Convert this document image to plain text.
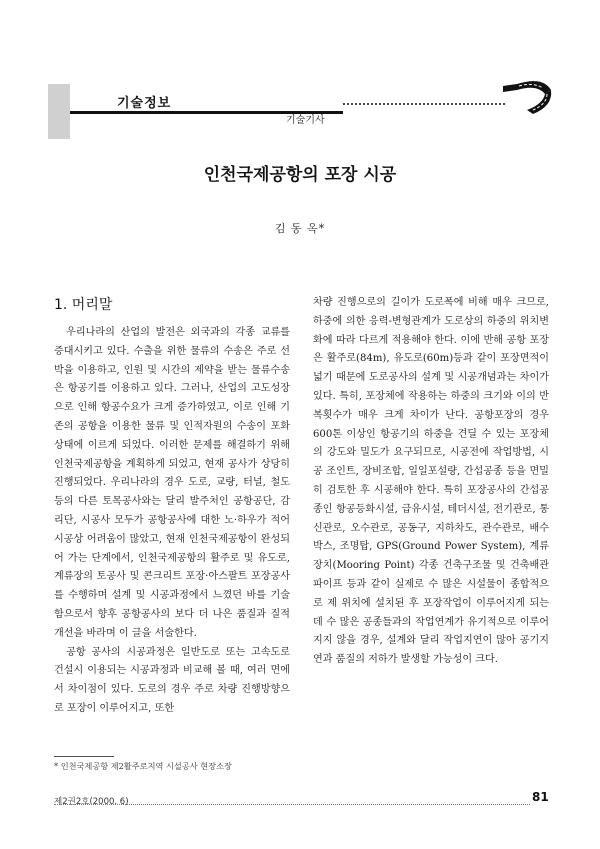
기술정보
기술기사
인천국제공항의 포장 시공
김 동 옥*
1. 머리말

우리나라의 산업의 발전은 외국과의 각종 교류를 증대시키고 있다. 수출을 위한 물류의 수송은 주로 선박을 이용하고, 인원 및 시간의 제약을 받는 물류수송은 항공기를 이용하고 있다. 그러나, 산업의 고도성장으로 인해 항공수요가 크게 증가하였고, 이로 인해 기존의 공항을 이용한 물류 및 인적자원의 수송이 포화상태에 이르게 되었다. 이러한 문제를 해결하기 위해 인천국제공항을 계획하게 되었고, 현재 공사가 상당히 진행되었다. 우리나라의 경우 도로, 교량, 터널, 철도 등의 다른 토목공사와는 달리 발주처인 공항공단, 감리단, 시공사 모두가 공항공사에 대한 노·하우가 적어 시공상 어려움이 많았고, 현재 인천국제공항이 완성되어 가는 단계에서, 인천국제공항의 활주로 및 유도로, 계류장의 토공사 및 콘크리트 포장·아스팔트 포장공사를 수행하며 설계 및 시공과정에서 느꼈던 바를 기술함으로서 향후 공항공사의 보다 더 나은 품질과 질적 개선을 바라며 이 글을 서술한다.

공항 공사의 시공과정은 일반도로 또는 고속도로 건설시 이용되는 시공과정과 비교해 볼 때, 여러 면에서 차이점이 있다. 도로의 경우 주로 차량 진행방향으로 포장이 이루어지고, 또한

차량 진행으로의 길이가 도로폭에 비해 매우 크므로, 하중에 의한 응력-변형관계가 도로상의 하중의 위치변화에 따라 다르게 적용해야 한다. 이에 반해 공항 포장은 활주로(84m), 유도로(60m)등과 같이 포장면적이 넓기 때문에 도로공사의 설계 및 시공개념과는 차이가 있다. 특히, 포장체에 작용하는 하중의 크기와 이의 반복횟수가 매우 크게 차이가 난다. 공항포장의 경우 600톤 이상인 항공기의 하중을 견딜 수 있는 포장체의 강도와 밀도가 요구되므로, 시공전에 작업방법, 시공 조인트, 장비조합, 일일포설량, 간섭공종 등을 면밀히 검토한 후 시공해야 한다. 특히 포장공사의 간섭공종인 항공등화시설, 급유시설, 테더시설, 전기관로, 통신관로, 오수관로, 공동구, 지하차도, 관수관로, 배수박스, 조명탑, GPS(Ground Power System), 계류장치(Mooring Point) 각종 건축구조물 및 건축배관파이프 등과 같이 실제로 수 많은 시설물이 종합적으로 제 위치에 설치된 후 포장작업이 이루어지게 되는데 수 많은 공종들과의 작업연계가 유기적으로 이루어지지 않을 경우, 설계와 달리 작업지연이 많아 공기지연과 품질의 저하가 발생할 가능성이 크다.

* 인천국제공항 제2활주로지역 시설공사 현장소장
제2권2호(2000. 6)	81
